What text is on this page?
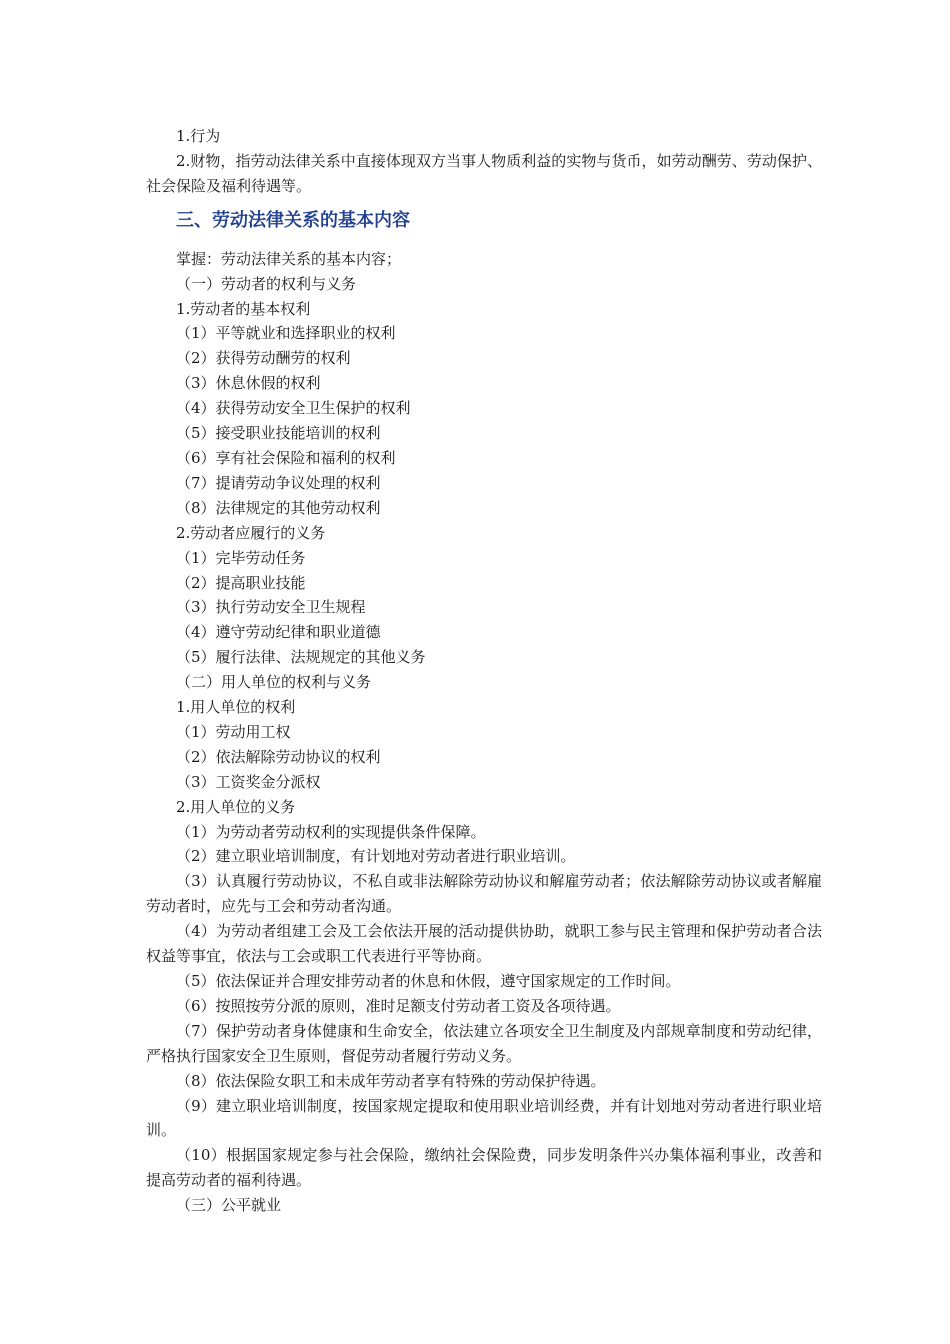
1.行为

2.财物，指劳动法律关系中直接体现双方当事人物质利益的实物与货币，如劳动酬劳、劳动保护、社会保险及福利待遇等。

三、劳动法律关系的基本内容

掌握：劳动法律关系的基本内容；

（一）劳动者的权利与义务

1.劳动者的基本权利

（1）平等就业和选择职业的权利

（2）获得劳动酬劳的权利

（3）休息休假的权利

（4）获得劳动安全卫生保护的权利

（5）接受职业技能培训的权利

（6）享有社会保险和福利的权利

（7）提请劳动争议处理的权利

（8）法律规定的其他劳动权利

2.劳动者应履行的义务

（1）完毕劳动任务

（2）提高职业技能

（3）执行劳动安全卫生规程

（4）遵守劳动纪律和职业道德

（5）履行法律、法规规定的其他义务

（二）用人单位的权利与义务

1.用人单位的权利

（1）劳动用工权

（2）依法解除劳动协议的权利

（3）工资奖金分派权

2.用人单位的义务

（1）为劳动者劳动权利的实现提供条件保障。

（2）建立职业培训制度，有计划地对劳动者进行职业培训。

（3）认真履行劳动协议，不私自或非法解除劳动协议和解雇劳动者；依法解除劳动协议或者解雇劳动者时，应先与工会和劳动者沟通。

（4）为劳动者组建工会及工会依法开展的活动提供协助，就职工参与民主管理和保护劳动者合法权益等事宜，依法与工会或职工代表进行平等协商。

（5）依法保证并合理安排劳动者的休息和休假，遵守国家规定的工作时间。

（6）按照按劳分派的原则，准时足额支付劳动者工资及各项待遇。

（7）保护劳动者身体健康和生命安全，依法建立各项安全卫生制度及内部规章制度和劳动纪律，严格执行国家安全卫生原则，督促劳动者履行劳动义务。

（8）依法保险女职工和未成年劳动者享有特殊的劳动保护待遇。

（9）建立职业培训制度，按国家规定提取和使用职业培训经费，并有计划地对劳动者进行职业培训。

（10）根据国家规定参与社会保险，缴纳社会保险费，同步发明条件兴办集体福利事业，改善和提高劳动者的福利待遇。

（三）公平就业
